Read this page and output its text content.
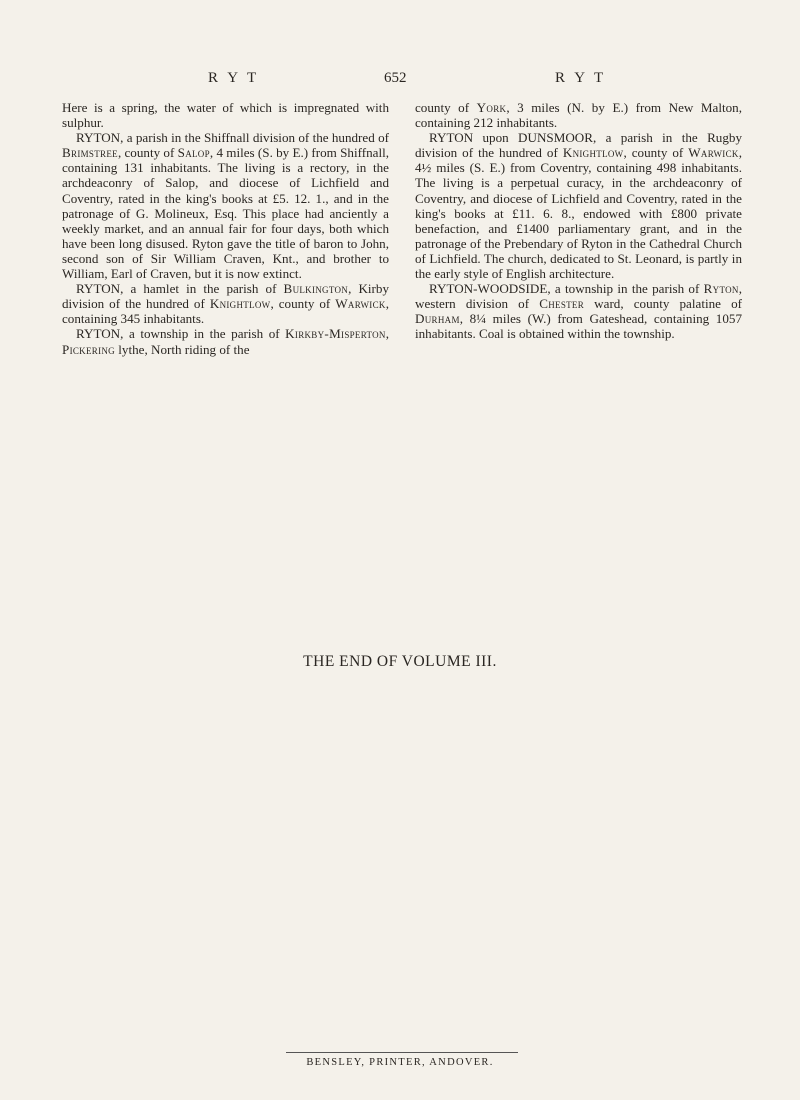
R Y T	652	R Y T

Here is a spring, the water of which is impregnated with sulphur.

RYTON, a parish in the Shiffnall division of the hundred of Brimstree, county of Salop, 4 miles (S. by E.) from Shiffnall, containing 131 inhabitants. The living is a rectory, in the archdeaconry of Salop, and diocese of Lichfield and Coventry, rated in the king's books at £5. 12. 1., and in the patronage of G. Molineux, Esq. This place had anciently a weekly market, and an annual fair for four days, both which have been long disused. Ryton gave the title of baron to John, second son of Sir William Craven, Knt., and brother to William, Earl of Craven, but it is now extinct.

RYTON, a hamlet in the parish of Bulkington, Kirby division of the hundred of Knightlow, county of Warwick, containing 345 inhabitants.

RYTON, a township in the parish of Kirkby-Misperton, Pickering lythe, North riding of the

county of York, 3 miles (N. by E.) from New Malton, containing 212 inhabitants.

RYTON upon DUNSMOOR, a parish in the Rugby division of the hundred of Knightlow, county of Warwick, 4½ miles (S. E.) from Coventry, containing 498 inhabitants. The living is a perpetual curacy, in the archdeaconry of Coventry, and diocese of Lichfield and Coventry, rated in the king's books at £11. 6. 8., endowed with £800 private benefaction, and £1400 parliamentary grant, and in the patronage of the Prebendary of Ryton in the Cathedral Church of Lichfield. The church, dedicated to St. Leonard, is partly in the early style of English architecture.

RYTON-WOODSIDE, a township in the parish of Ryton, western division of Chester ward, county palatine of Durham, 8¼ miles (W.) from Gateshead, containing 1057 inhabitants. Coal is obtained within the township.

THE END OF VOLUME III.
BENSLEY, PRINTER, ANDOVER.
